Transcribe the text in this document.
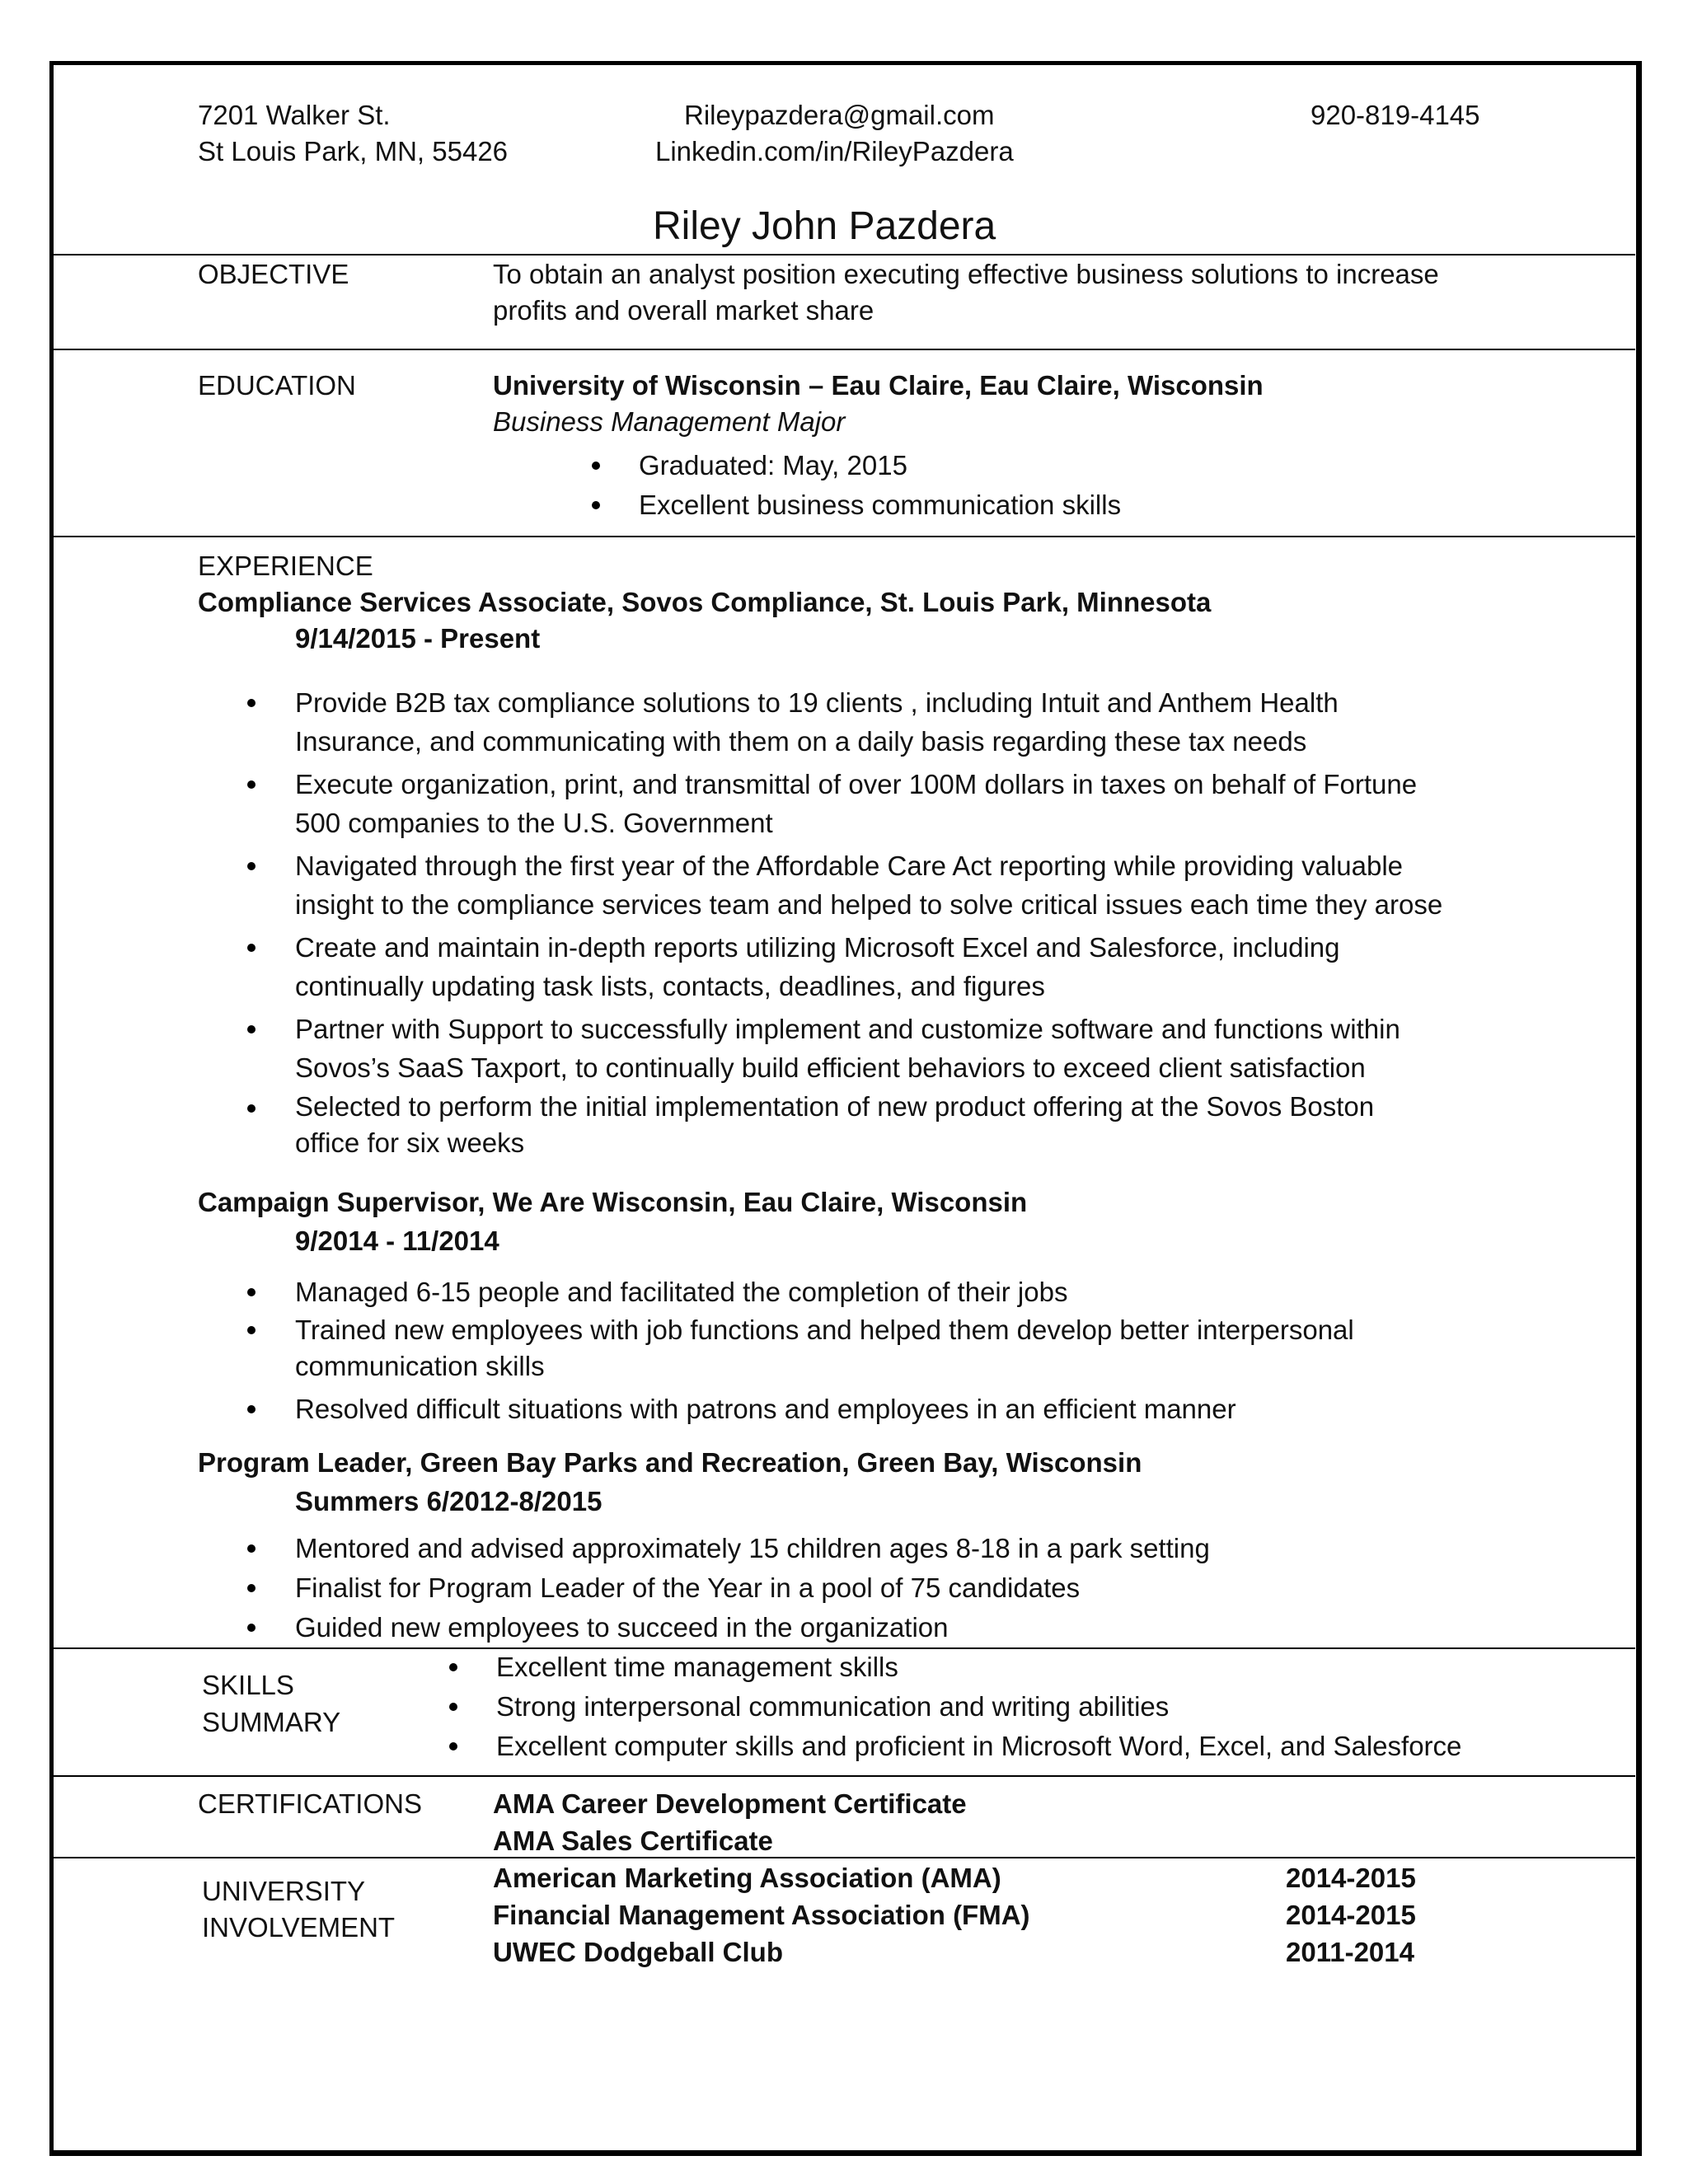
7201 Walker St.
St Louis Park, MN, 55426
Rileypazdera@gmail.com
Linkedin.com/in/RileyPazdera
920-819-4145
Riley John Pazdera
OBJECTIVE	To obtain an analyst position executing effective business solutions to increase
profits and overall market share
EDUCATION	University of Wisconsin – Eau Claire, Eau Claire, Wisconsin
Business Management Major
Graduated: May, 2015
Excellent business communication skills
EXPERIENCE
Compliance Services Associate, Sovos Compliance, St. Louis Park, Minnesota
9/14/2015 - Present
Provide B2B tax compliance solutions to 19 clients , including Intuit and Anthem Health
Insurance, and communicating with them on a daily basis regarding these tax needs
Execute organization, print, and transmittal of over 100M dollars in taxes on behalf of Fortune
500 companies to the U.S. Government
Navigated through the first year of the Affordable Care Act reporting while providing valuable
insight to the compliance services team and helped to solve critical issues each time they arose
Create and maintain in-depth reports utilizing Microsoft Excel and Salesforce, including
continually updating task lists, contacts, deadlines, and figures
Partner with Support to successfully implement and customize software and functions within
Sovos’s SaaS Taxport, to continually build efficient behaviors to exceed client satisfaction
Selected to perform the initial implementation of new product offering at the Sovos Boston
office for six weeks
Campaign Supervisor, We Are Wisconsin, Eau Claire, Wisconsin
9/2014 - 11/2014
Managed 6-15 people and facilitated the completion of their jobs
Trained new employees with job functions and helped them develop better interpersonal
communication skills
Resolved difficult situations with patrons and employees in an efficient manner
Program Leader, Green Bay Parks and Recreation, Green Bay, Wisconsin
Summers 6/2012-8/2015
Mentored and advised approximately 15 children ages 8-18 in a park setting
Finalist for Program Leader of the Year in a pool of 75 candidates
Guided new employees to succeed in the organization
SKILLS
SUMMARY
Excellent time management skills
Strong interpersonal communication and writing abilities
Excellent computer skills and proficient in Microsoft Word, Excel, and Salesforce
CERTIFICATIONS	AMA Career Development Certificate
AMA Sales Certificate
UNIVERSITY
INVOLVEMENT
American Marketing Association (AMA)	2014-2015
Financial Management Association (FMA)	2014-2015
UWEC Dodgeball Club	2011-2014
